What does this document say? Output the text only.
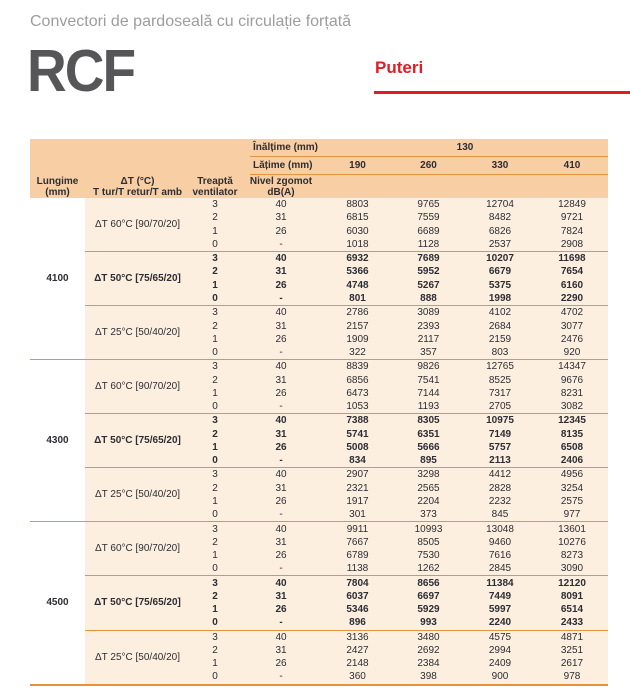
Convectori de pardoseală cu circulație forțată
RCF	Puteri
Înălțime (mm)	130
Lățime (mm)	190	260	330	410
Lungime
(mm)
ΔT (°C)
T tur/T retur/T amb
Treaptă
ventilator
Nivel zgomot
dB(A)
4100
ΔT 60°C [90/70/20]
3	40	8803	9765	12704	12849
2	31	6815	7559	8482	9721
1	26	6030	6689	6826	7824
0	-	1018	1128	2537	2908
ΔT 50°C [75/65/20]
3	40	6932	7689	10207	11698
2	31	5366	5952	6679	7654
1	26	4748	5267	5375	6160
0	-	801	888	1998	2290
ΔT 25°C [50/40/20]
3	40	2786	3089	4102	4702
2	31	2157	2393	2684	3077
1	26	1909	2117	2159	2476
0	-	322	357	803	920
4300
ΔT 60°C [90/70/20]
3	40	8839	9826	12765	14347
2	31	6856	7541	8525	9676
1	26	6473	7144	7317	8231
0	-	1053	1193	2705	3082
ΔT 50°C [75/65/20]
3	40	7388	8305	10975	12345
2	31	5741	6351	7149	8135
1	26	5008	5666	5757	6508
0	-	834	895	2113	2406
ΔT 25°C [50/40/20]
3	40	2907	3298	4412	4956
2	31	2321	2565	2828	3254
1	26	1917	2204	2232	2575
0	-	301	373	845	977
4500
ΔT 60°C [90/70/20]
3	40	9911	10993	13048	13601
2	31	7667	8505	9460	10276
1	26	6789	7530	7616	8273
0	-	1138	1262	2845	3090
ΔT 50°C [75/65/20]
3	40	7804	8656	11384	12120
2	31	6037	6697	7449	8091
1	26	5346	5929	5997	6514
0	-	896	993	2240	2433
ΔT 25°C [50/40/20]
3	40	3136	3480	4575	4871
2	31	2427	2692	2994	3251
1	26	2148	2384	2409	2617
0	-	360	398	900	978
